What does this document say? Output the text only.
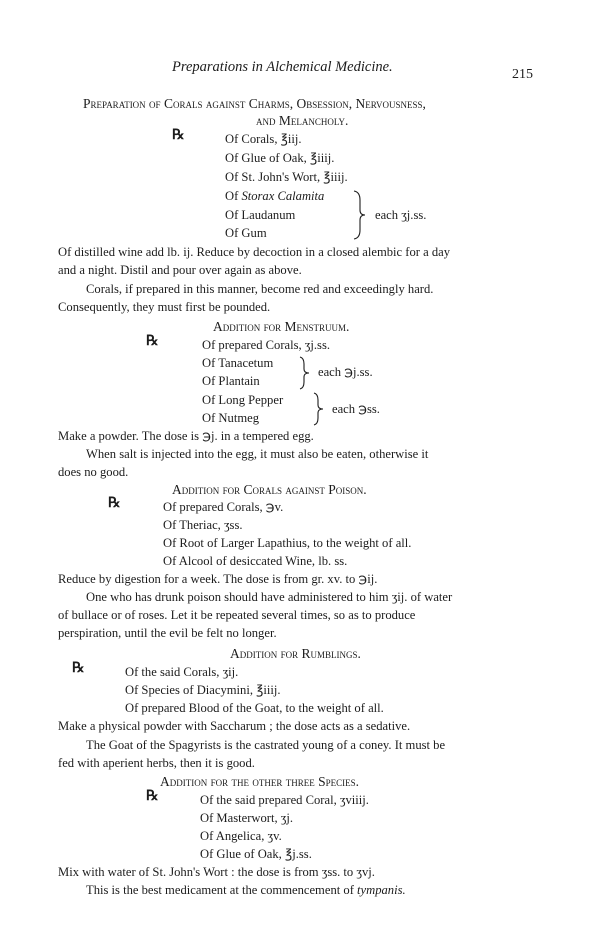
Preparations in Alchemical Medicine.	215
Preparation of Corals against Charms, Obsession, Nervousness,
and Melancholy.
℞	Of Corals, ℥iij.
Of Glue of Oak, ℥iiij.
Of St. John's Wort, ℥iiij.
Of Storax Calamita
Of Laudanum
Of Gum
each ʒj.ss.
Of distilled wine add lb. ij. Reduce by decoction in a closed alembic for a day
and a night. Distil and pour over again as above.
Corals, if prepared in this manner, become red and exceedingly hard.
Consequently, they must first be pounded.
Addition for Menstruum.
℞	Of prepared Corals, ʒj.ss.
Of Tanacetum
Of Plantain
each ℈j.ss.
Of Long Pepper
Of Nutmeg
each ℈ss.
Make a powder. The dose is ℈j. in a tempered egg.
When salt is injected into the egg, it must also be eaten, otherwise it
does no good.
Addition for Corals against Poison.
℞	Of prepared Corals, ℈v.
Of Theriac, ʒss.
Of Root of Larger Lapathius, to the weight of all.
Of Alcool of desiccated Wine, lb. ss.
Reduce by digestion for a week. The dose is from gr. xv. to ℈ij.
One who has drunk poison should have administered to him ʒij. of water
of bullace or of roses. Let it be repeated several times, so as to produce
perspiration, until the evil be felt no longer.
Addition for Rumblings.
℞	Of the said Corals, ʒij.
Of Species of Diacymini, ℥iiij.
Of prepared Blood of the Goat, to the weight of all.
Make a physical powder with Saccharum ; the dose acts as a sedative.
The Goat of the Spagyrists is the castrated young of a coney. It must be
fed with aperient herbs, then it is good.
Addition for the other three Species.
℞	Of the said prepared Coral, ʒviiij.
Of Masterwort, ʒj.
Of Angelica, ʒv.
Of Glue of Oak, ℥j.ss.
Mix with water of St. John's Wort : the dose is from ʒss. to ʒvj.
This is the best medicament at the commencement of tympanis.
